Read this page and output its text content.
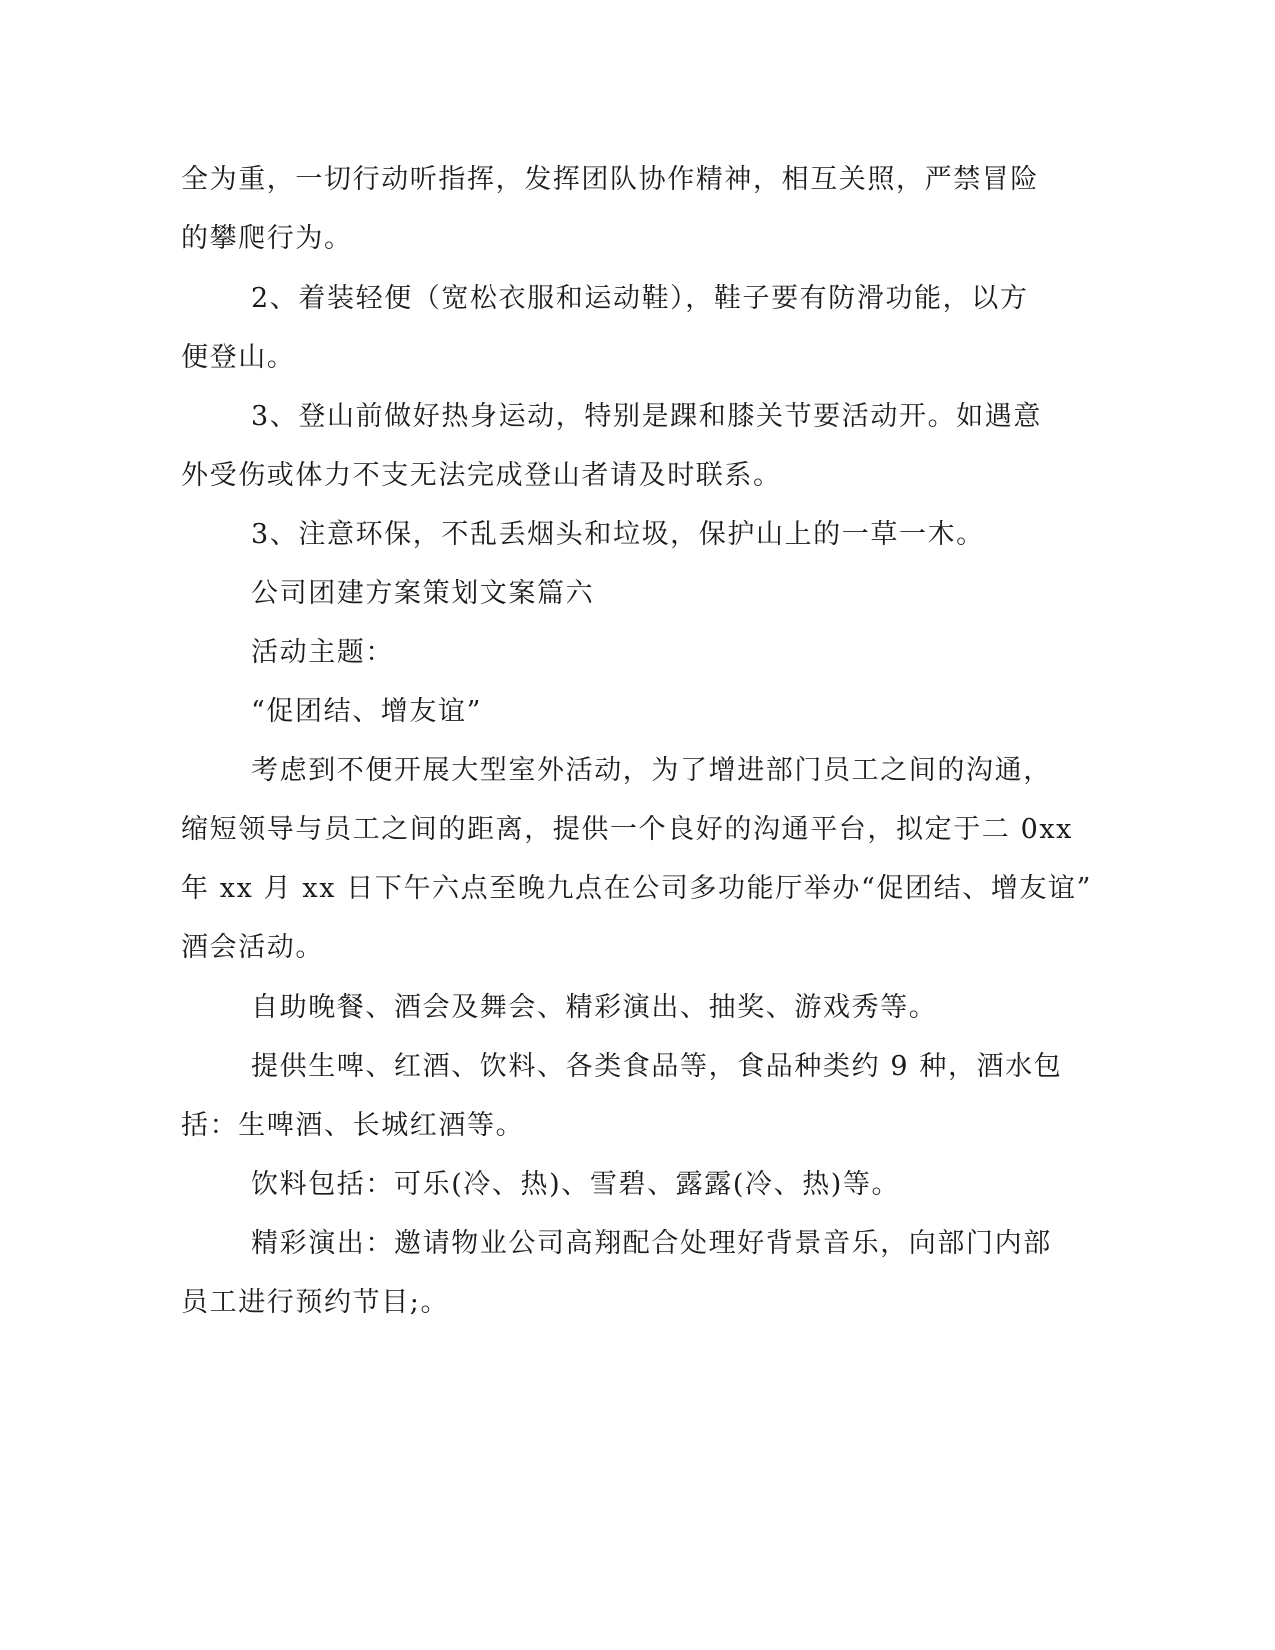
全为重，一切行动听指挥，发挥团队协作精神，相互关照，严禁冒险
的攀爬行为。
2、着装轻便（宽松衣服和运动鞋），鞋子要有防滑功能，以方
便登山。
3、登山前做好热身运动，特别是踝和膝关节要活动开。如遇意
外受伤或体力不支无法完成登山者请及时联系。
3、注意环保，不乱丢烟头和垃圾，保护山上的一草一木。
公司团建方案策划文案篇六
活动主题：
“促团结、增友谊”
考虑到不便开展大型室外活动，为了增进部门员工之间的沟通，
缩短领导与员工之间的距离，提供一个良好的沟通平台，拟定于二 0xx
年 xx 月 xx 日下午六点至晚九点在公司多功能厅举办“促团结、增友谊”
酒会活动。
自助晚餐、酒会及舞会、精彩演出、抽奖、游戏秀等。
提供生啤、红酒、饮料、各类食品等，食品种类约 9 种，酒水包
括：生啤酒、长城红酒等。
饮料包括：可乐(冷、热)、雪碧、露露(冷、热)等。
精彩演出：邀请物业公司高翔配合处理好背景音乐，向部门内部
员工进行预约节目;。
